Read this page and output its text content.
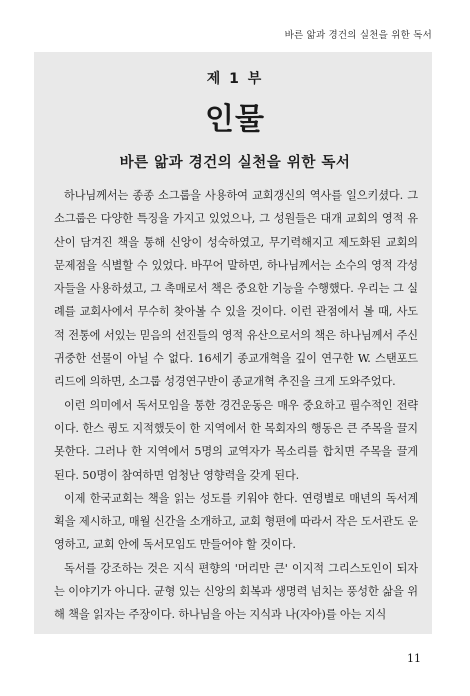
바른 앎과 경건의 실천을 위한 독서
제 1 부
인물
바른 앎과 경건의 실천을 위한 독서

하나님께서는 종종 소그룹을 사용하여 교회갱신의 역사를 일으키셨다. 그 소그룹은 다양한 특징을 가지고 있었으나, 그 성원들은 대개 교회의 영적 유산이 담겨진 책을 통해 신앙이 성숙하였고, 무기력해지고 제도화된 교회의 문제점을 식별할 수 있었다. 바꾸어 말하면, 하나님께서는 소수의 영적 각성자들을 사용하셨고, 그 촉매로서 책은 중요한 기능을 수행했다. 우리는 그 실례를 교회사에서 무수히 찾아볼 수 있을 것이다. 이런 관점에서 볼 때, 사도적 전통에 서있는 믿음의 선진들의 영적 유산으로서의 책은 하나님께서 주신 귀중한 선물이 아닐 수 없다. 16세기 종교개혁을 깊이 연구한 W. 스탠포드 리드에 의하면, 소그룹 성경연구반이 종교개혁 추진을 크게 도와주었다.

이런 의미에서 독서모임을 통한 경건운동은 매우 중요하고 필수적인 전략이다. 한스 큉도 지적했듯이 한 지역에서 한 목회자의 행동은 큰 주목을 끌지 못한다. 그러나 한 지역에서 5명의 교역자가 목소리를 합치면 주목을 끌게 된다. 50명이 참여하면 엄청난 영향력을 갖게 된다.

이제 한국교회는 책을 읽는 성도를 키워야 한다. 연령별로 매년의 독서계획을 제시하고, 매월 신간을 소개하고, 교회 형편에 따라서 작은 도서관도 운영하고, 교회 안에 독서모임도 만들어야 할 것이다.

독서를 강조하는 것은 지식 편향의 '머리만 큰' 이지적 그리스도인이 되자는 이야기가 아니다. 균형 있는 신앙의 회복과 생명력 넘치는 풍성한 삶을 위해 책을 읽자는 주장이다. 하나님을 아는 지식과 나(자아)를 아는 지식

11
